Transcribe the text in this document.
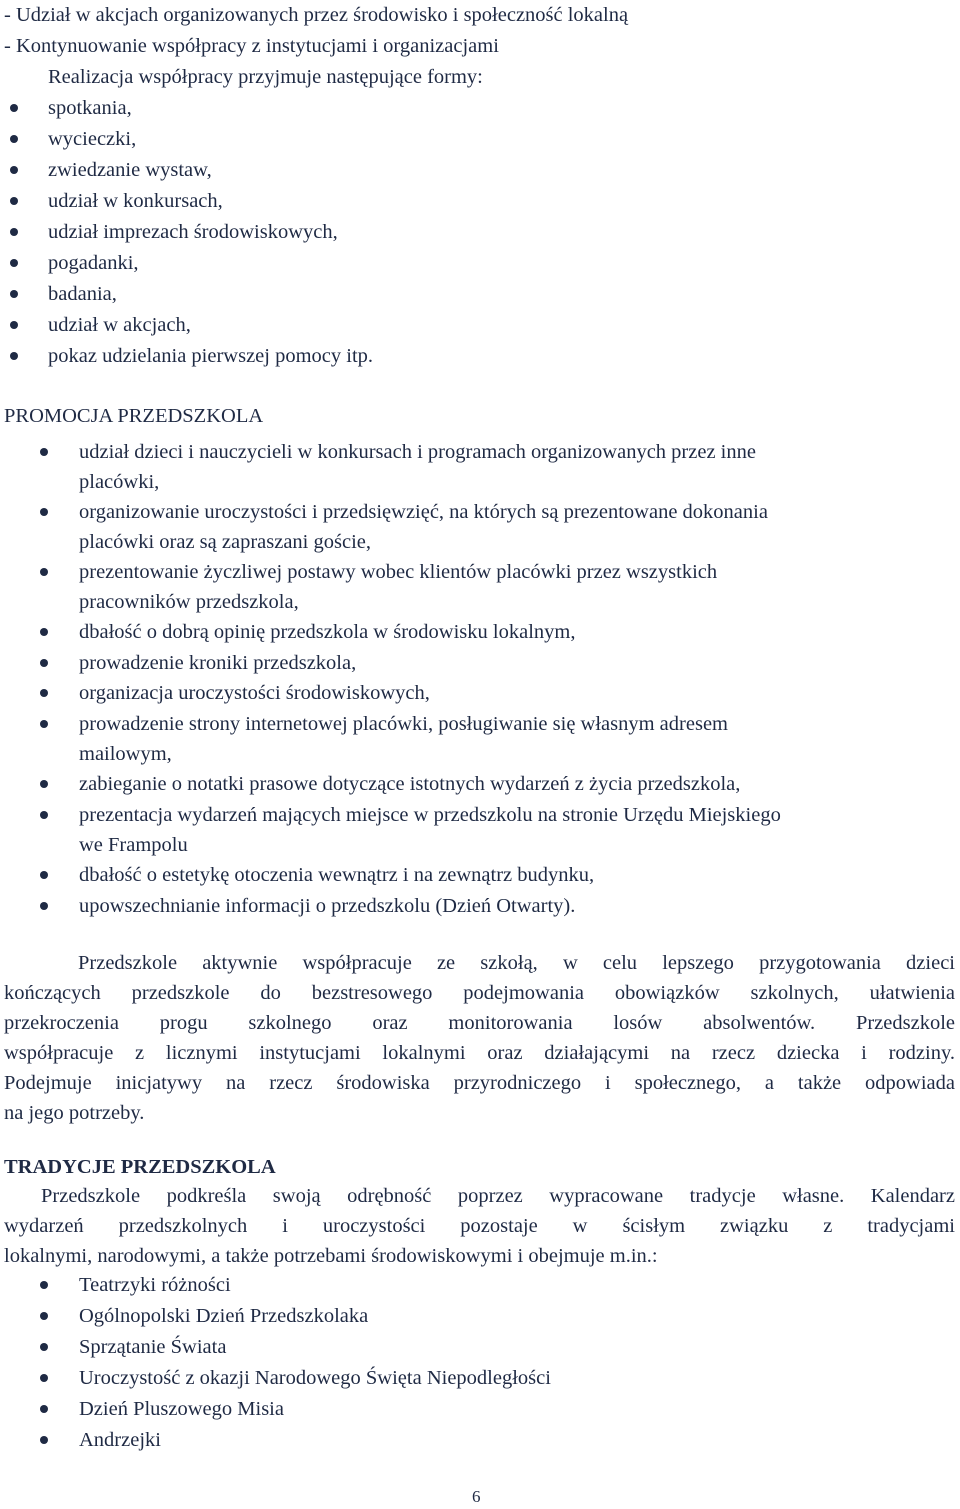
- Udział w akcjach organizowanych przez środowisko i społeczność lokalną
- Kontynuowanie współpracy z instytucjami i organizacjami
Realizacja współpracy przyjmuje następujące formy:
spotkania,
wycieczki,
zwiedzanie wystaw,
udział w konkursach,
udział imprezach środowiskowych,
pogadanki,
badania,
udział w akcjach,
pokaz udzielania pierwszej pomocy itp.
PROMOCJA PRZEDSZKOLA
udział dzieci i nauczycieli w konkursach i programach organizowanych przez inne
placówki,
organizowanie uroczystości i przedsięwzięć, na których są prezentowane dokonania
placówki oraz są zapraszani goście,
prezentowanie życzliwej postawy wobec klientów placówki przez wszystkich
pracowników przedszkola,
dbałość o dobrą opinię przedszkola w środowisku lokalnym,
prowadzenie kroniki przedszkola,
organizacja uroczystości środowiskowych,
prowadzenie strony internetowej placówki, posługiwanie się własnym adresem
mailowym,
zabieganie o notatki prasowe dotyczące istotnych wydarzeń z życia przedszkola,
prezentacja wydarzeń mających miejsce w przedszkolu na stronie Urzędu Miejskiego
we Frampolu
dbałość o estetykę otoczenia wewnątrz i na zewnątrz budynku,
upowszechnianie informacji o przedszkolu (Dzień Otwarty).
Przedszkole aktywnie współpracuje ze szkołą, w celu lepszego przygotowania dzieci
kończących przedszkole do bezstresowego podejmowania obowiązków szkolnych, ułatwienia
przekroczenia progu szkolnego oraz monitorowania losów absolwentów. Przedszkole
współpracuje z licznymi instytucjami lokalnymi oraz działającymi na rzecz dziecka i rodziny.
Podejmuje inicjatywy na rzecz środowiska przyrodniczego i społecznego, a także odpowiada
na jego potrzeby.
TRADYCJE PRZEDSZKOLA
Przedszkole podkreśla swoją odrębność poprzez wypracowane tradycje własne. Kalendarz
wydarzeń przedszkolnych i uroczystości pozostaje w ścisłym związku z tradycjami
lokalnymi, narodowymi, a także potrzebami środowiskowymi i obejmuje m.in.:
Teatrzyki różności
Ogólnopolski Dzień Przedszkolaka
Sprzątanie Świata
Uroczystość z okazji Narodowego Święta Niepodległości
Dzień Pluszowego Misia
Andrzejki
6
